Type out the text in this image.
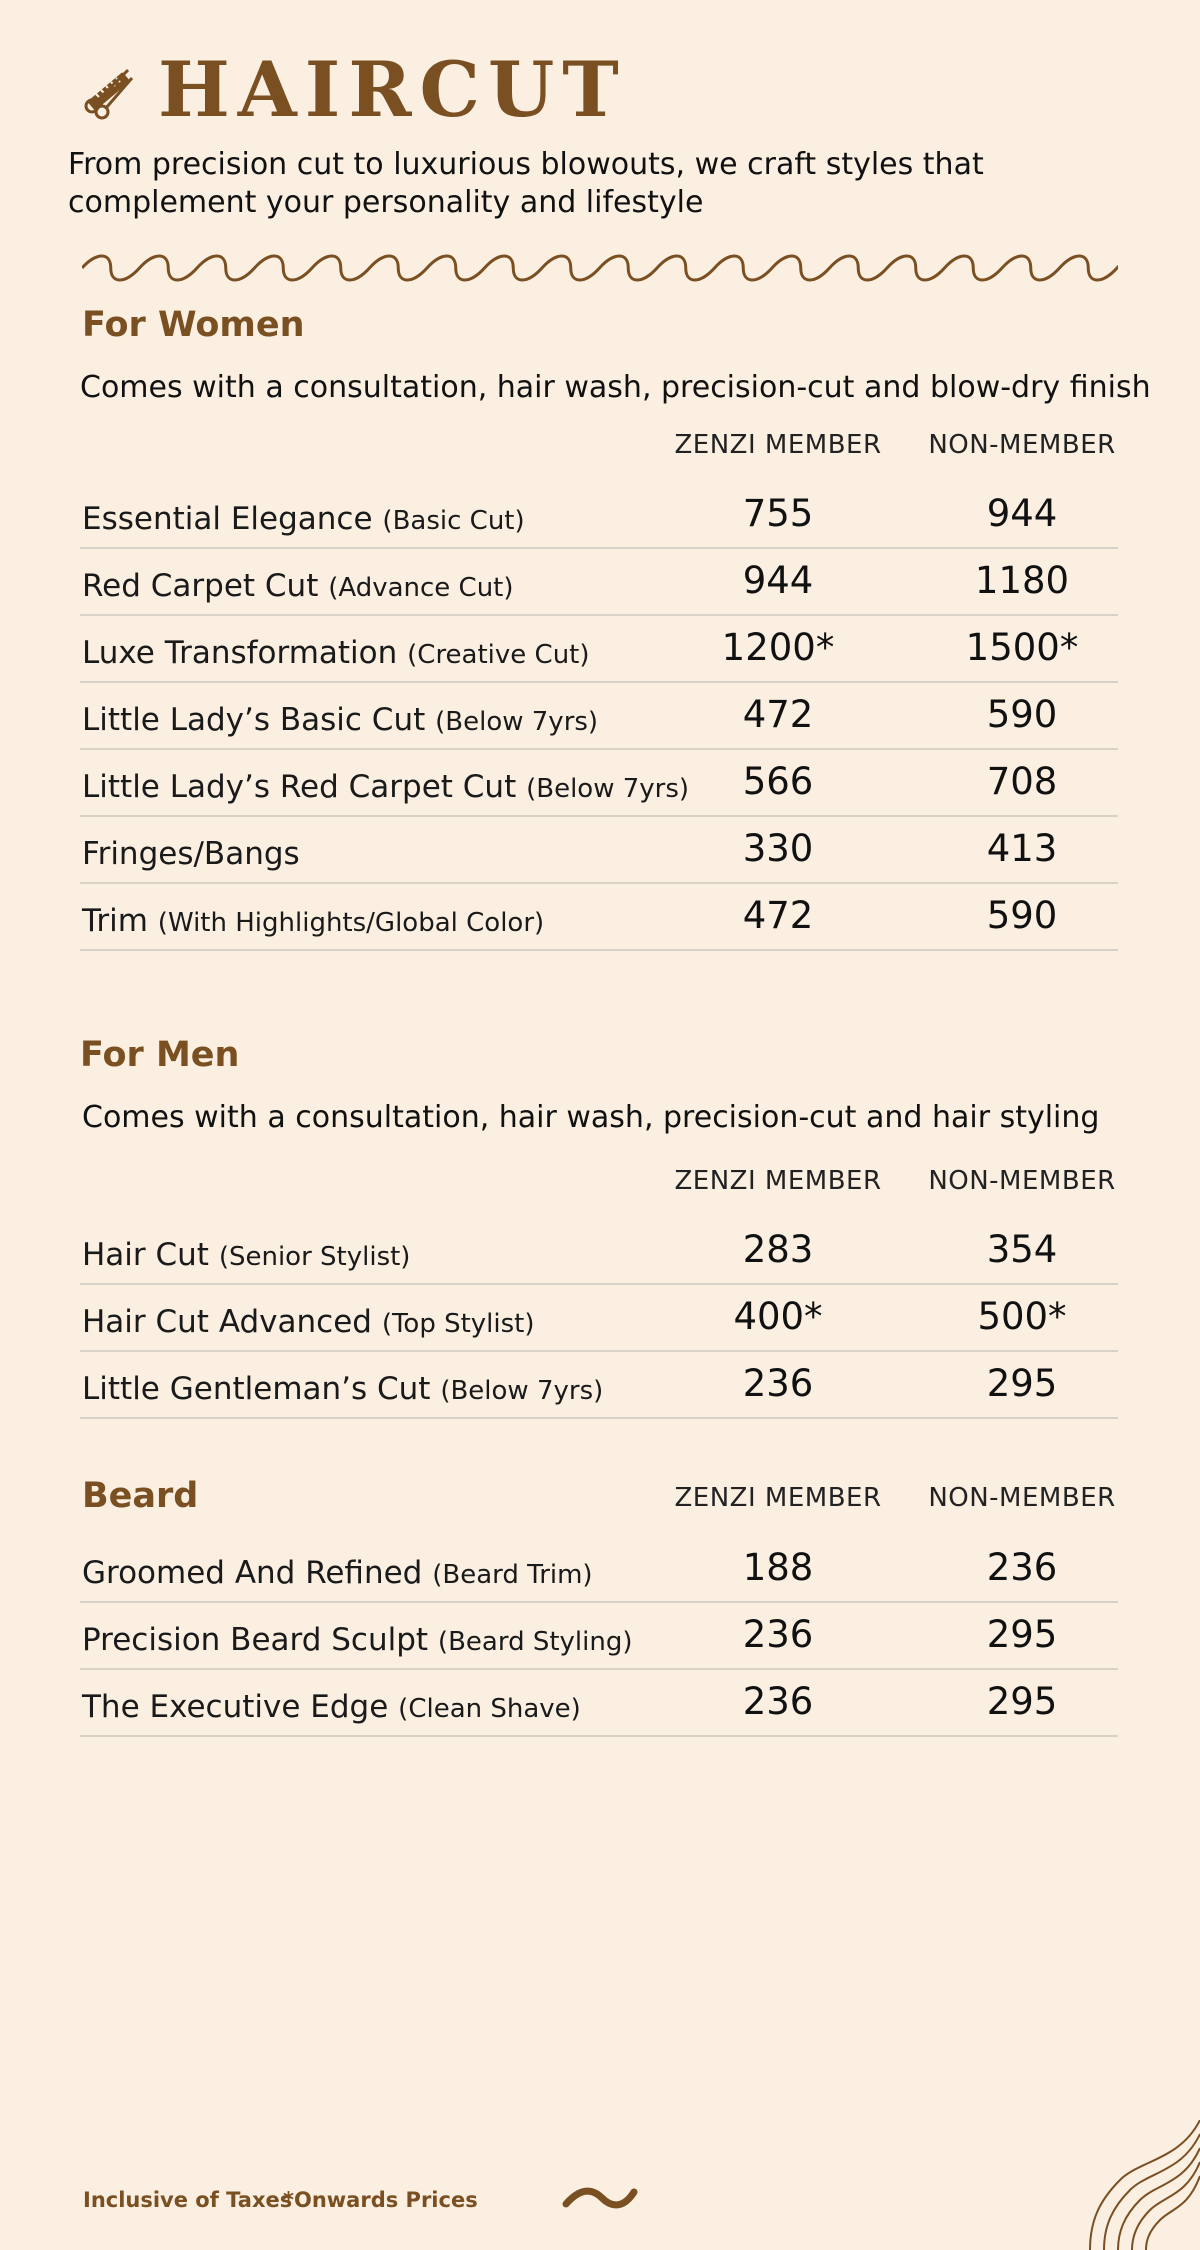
HAIRCUT
From precision cut to luxurious blowouts, we craft styles that complement your personality and lifestyle
For Women
Comes with a consultation, hair wash, precision-cut and blow-dry finish
ZENZI MEMBER	NON-MEMBER
Essential Elegance (Basic Cut)	755	944
Red Carpet Cut (Advance Cut)	944	1180
Luxe Transformation (Creative Cut)	1200*	1500*
Little Lady’s Basic Cut (Below 7yrs)	472	590
Little Lady’s Red Carpet Cut (Below 7yrs)	566	708
Fringes/Bangs	330	413
Trim (With Highlights/Global Color)	472	590
For Men
Comes with a consultation, hair wash, precision-cut and hair styling
ZENZI MEMBER	NON-MEMBER
Hair Cut (Senior Stylist)	283	354
Hair Cut Advanced (Top Stylist)	400*	500*
Little Gentleman’s Cut (Below 7yrs)	236	295
Beard	ZENZI MEMBER	NON-MEMBER
Groomed And Refined (Beard Trim)	188	236
Precision Beard Sculpt (Beard Styling)	236	295
The Executive Edge (Clean Shave)	236	295
Inclusive of Taxes
*Onwards Prices
